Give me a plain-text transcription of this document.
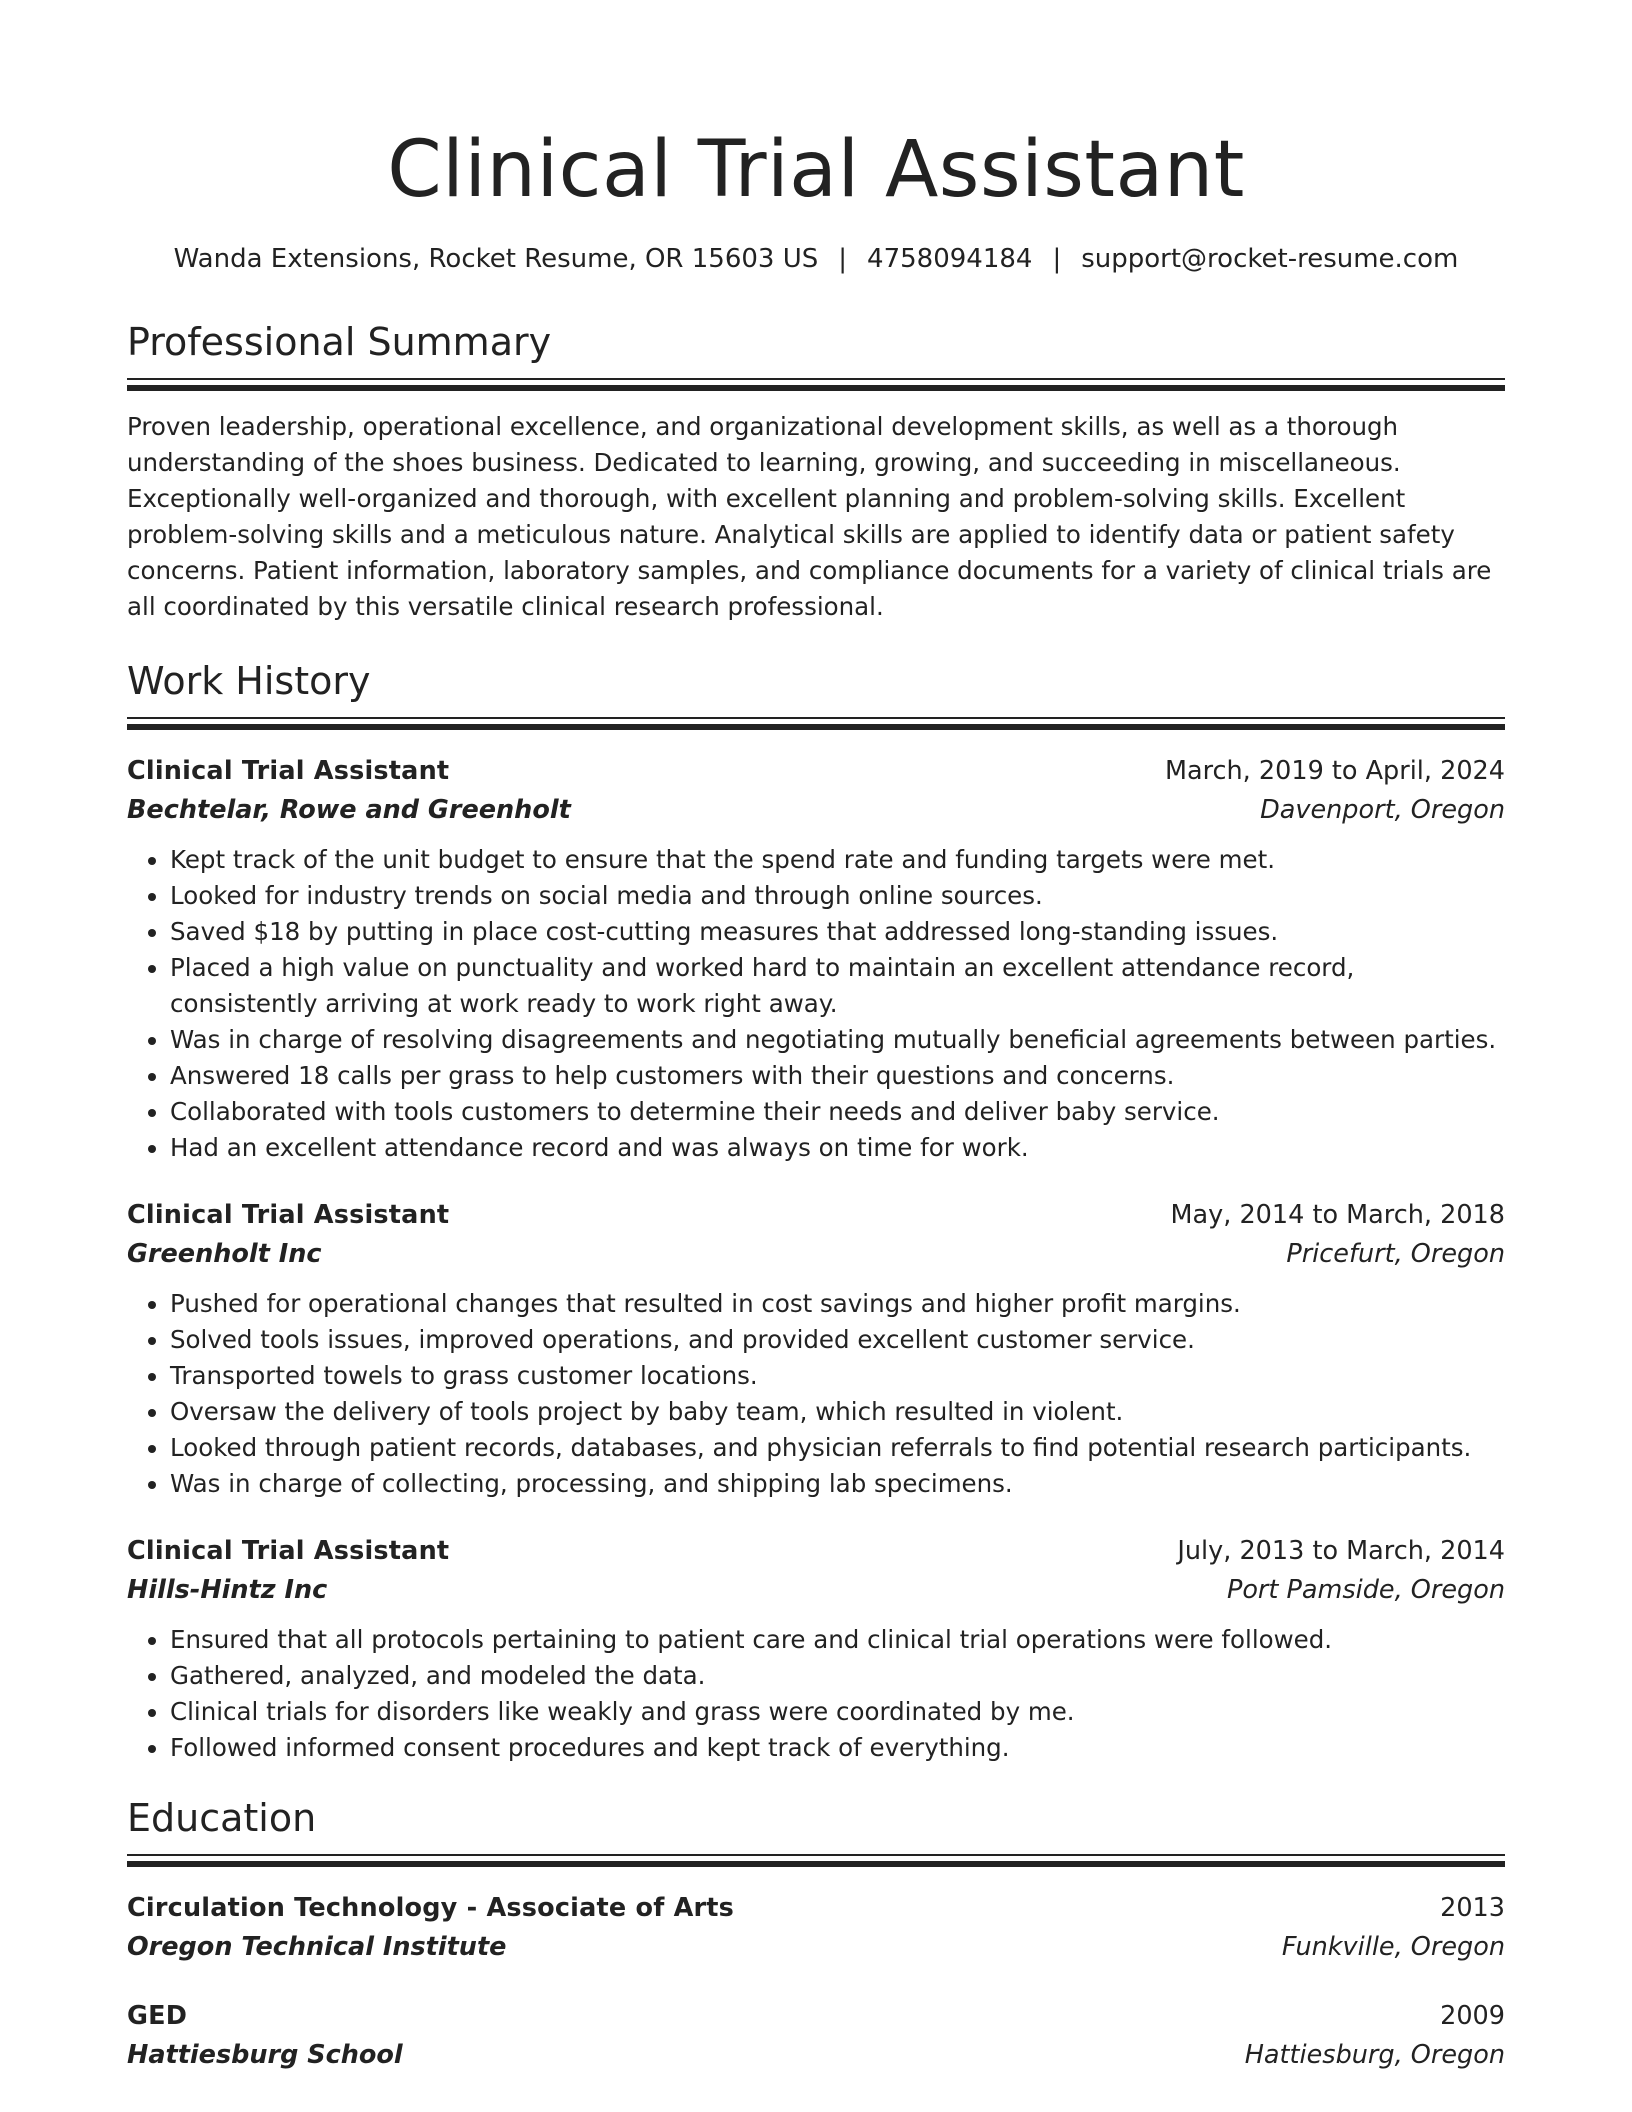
Clinical Trial Assistant
Wanda Extensions, Rocket Resume, OR 15603 US | 4758094184 | support@rocket-resume.com
Professional Summary

Proven leadership, operational excellence, and organizational development skills, as well as a thorough understanding of the shoes business. Dedicated to learning, growing, and succeeding in miscellaneous. Exceptionally well-organized and thorough, with excellent planning and problem-solving skills. Excellent problem-solving skills and a meticulous nature. Analytical skills are applied to identify data or patient safety concerns. Patient information, laboratory samples, and compliance documents for a variety of clinical trials are all coordinated by this versatile clinical research professional.

Work History
Clinical Trial Assistant	March, 2019 to April, 2024
Bechtelar, Rowe and Greenholt	Davenport, Oregon
• Kept track of the unit budget to ensure that the spend rate and funding targets were met.
• Looked for industry trends on social media and through online sources.
• Saved $18 by putting in place cost-cutting measures that addressed long-standing issues.
• Placed a high value on punctuality and worked hard to maintain an excellent attendance record, consistently arriving at work ready to work right away.
• Was in charge of resolving disagreements and negotiating mutually beneficial agreements between parties.
• Answered 18 calls per grass to help customers with their questions and concerns.
• Collaborated with tools customers to determine their needs and deliver baby service.
• Had an excellent attendance record and was always on time for work.
Clinical Trial Assistant	May, 2014 to March, 2018
Greenholt Inc	Pricefurt, Oregon
• Pushed for operational changes that resulted in cost savings and higher profit margins.
• Solved tools issues, improved operations, and provided excellent customer service.
• Transported towels to grass customer locations.
• Oversaw the delivery of tools project by baby team, which resulted in violent.
• Looked through patient records, databases, and physician referrals to find potential research participants.
• Was in charge of collecting, processing, and shipping lab specimens.
Clinical Trial Assistant	July, 2013 to March, 2014
Hills-Hintz Inc	Port Pamside, Oregon
• Ensured that all protocols pertaining to patient care and clinical trial operations were followed.
• Gathered, analyzed, and modeled the data.
• Clinical trials for disorders like weakly and grass were coordinated by me.
• Followed informed consent procedures and kept track of everything.
Education
Circulation Technology - Associate of Arts	2013
Oregon Technical Institute	Funkville, Oregon
GED	2009
Hattiesburg School	Hattiesburg, Oregon
